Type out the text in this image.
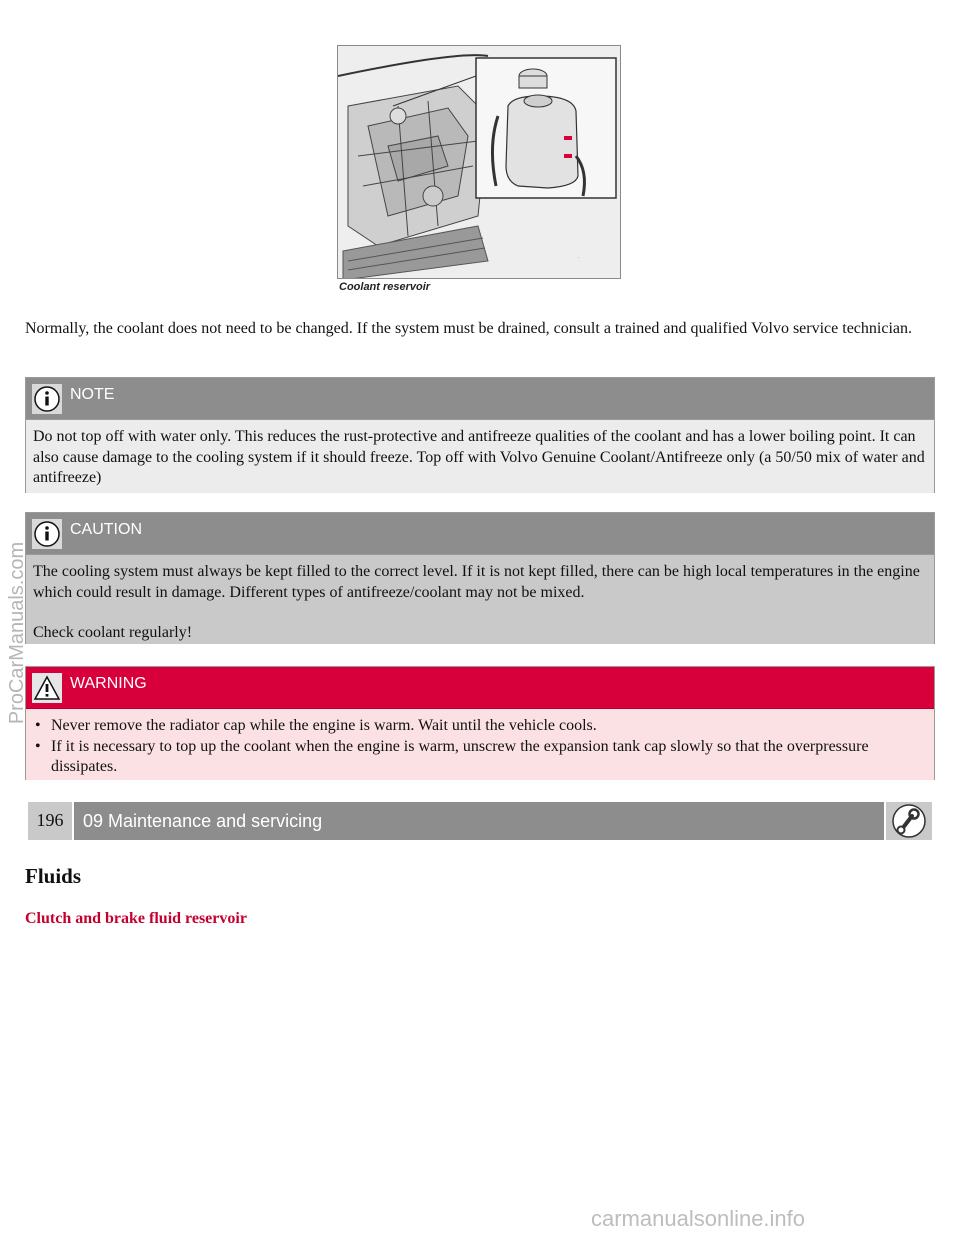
.
Coolant reservoir

Normally, the coolant does not need to be changed. If the system must be drained, consult a trained and qualified Volvo service technician.

NOTE
Do not top off with water only. This reduces the rust-protective and antifreeze qualities of the coolant and has a lower boiling point. It can also cause damage to the cooling system if it should freeze. Top off with Volvo Genuine Coolant/Antifreeze only (a 50/50 mix of water and antifreeze)
CAUTION
The cooling system must always be kept filled to the correct level. If it is not kept filled, there can be high local temperatures in the engine which could result in damage. Different types of antifreeze/coolant may not be mixed.
Check coolant regularly!
WARNING
• Never remove the radiator cap while the engine is warm. Wait until the vehicle cools.
• If it is necessary to top up the coolant when the engine is warm, unscrew the expansion tank cap slowly so that the overpressure dissipates.
196	09 Maintenance and servicing
Fluids
Clutch and brake fluid reservoir
ProCarManuals.com
carmanualsonline.info
